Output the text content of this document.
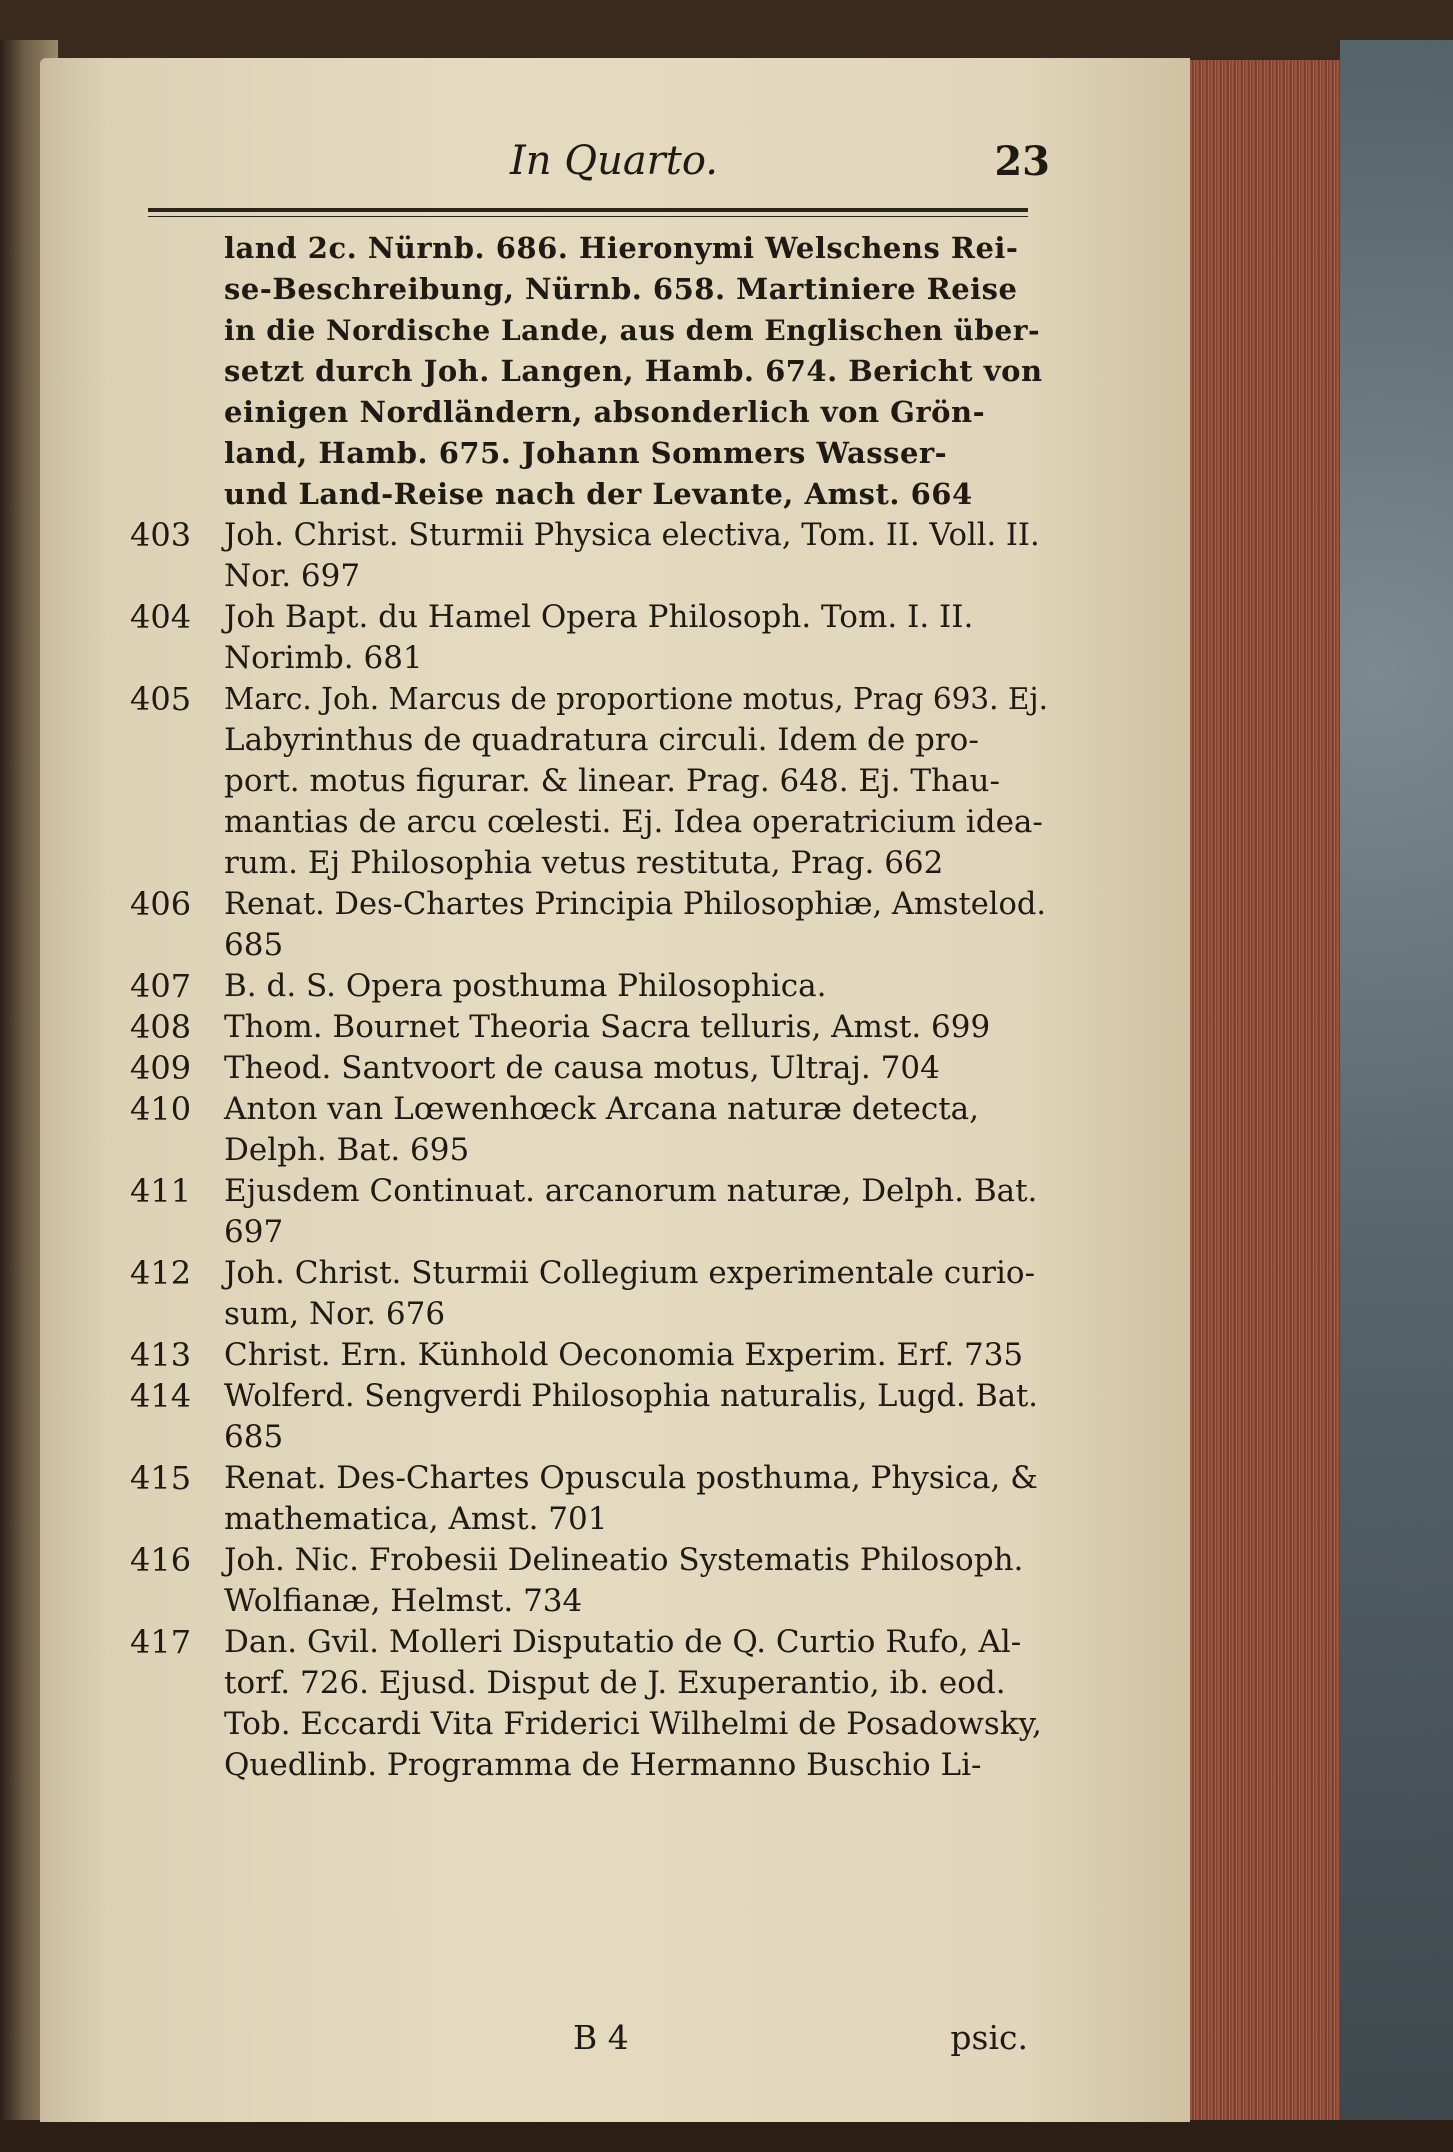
In Quarto.	23
land 2c. Nürnb. 686. Hieronymi Welschens Rei-
se-Beschreibung, Nürnb. 658. Martiniere Reise
in die Nordische Lande, aus dem Englischen über-
setzt durch Joh. Langen, Hamb. 674. Bericht von
einigen Nordländern, absonderlich von Grön-
land, Hamb. 675. Johann Sommers Wasser-
und Land-Reise nach der Levante, Amst. 664
403	Joh. Christ. Sturmii Physica electiva, Tom. II. Voll. II.
Nor. 697
404	Joh Bapt. du Hamel Opera Philosoph. Tom. I. II.
Norimb. 681
405	Marc. Joh. Marcus de proportione motus, Prag 693. Ej.
Labyrinthus de quadratura circuli. Idem de pro-
port. motus figurar. & linear. Prag. 648. Ej. Thau-
mantias de arcu cœlesti. Ej. Idea operatricium idea-
rum. Ej Philosophia vetus restituta, Prag. 662
406	Renat. Des-Chartes Principia Philosophiæ, Amstelod.
685
407	B. d. S. Opera posthuma Philosophica.
408	Thom. Bournet Theoria Sacra telluris, Amst. 699
409	Theod. Santvoort de causa motus, Ultraj. 704
410	Anton van Lœwenhœck Arcana naturæ detecta,
Delph. Bat. 695
411	Ejusdem Continuat. arcanorum naturæ, Delph. Bat.
697
412	Joh. Christ. Sturmii Collegium experimentale curio-
sum, Nor. 676
413	Christ. Ern. Künhold Oeconomia Experim. Erf. 735
414	Wolferd. Sengverdi Philosophia naturalis, Lugd. Bat.
685
415	Renat. Des-Chartes Opuscula posthuma, Physica, &
mathematica, Amst. 701
416	Joh. Nic. Frobesii Delineatio Systematis Philosoph.
Wolfianæ, Helmst. 734
417	Dan. Gvil. Molleri Disputatio de Q. Curtio Rufo, Al-
torf. 726. Ejusd. Disput de J. Exuperantio, ib. eod.
Tob. Eccardi Vita Friderici Wilhelmi de Posadowsky,
Quedlinb. Programma de Hermanno Buschio Li-
B 4	psic.
